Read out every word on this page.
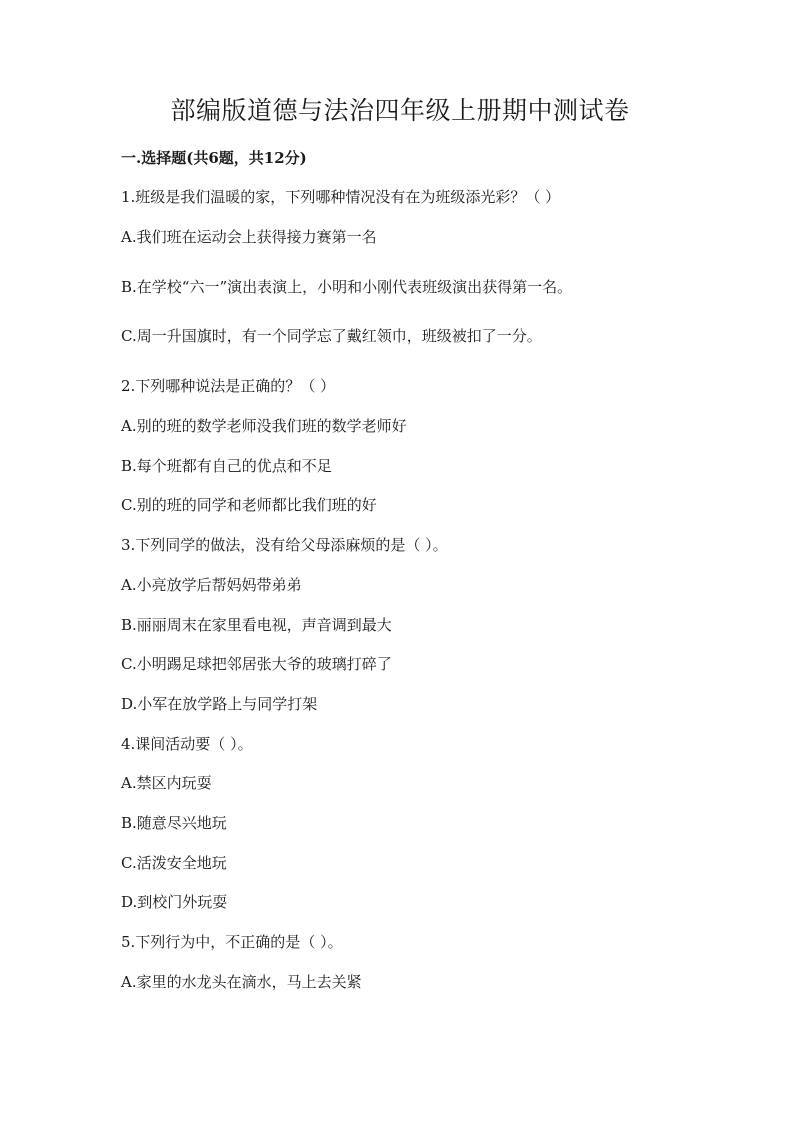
部编版道德与法治四年级上册期中测试卷
一.选择题(共6题，共12分)
1.班级是我们温暖的家，下列哪种情况没有在为班级添光彩？（ ）
A.我们班在运动会上获得接力赛第一名
B.在学校“六一”演出表演上，小明和小刚代表班级演出获得第一名。
C.周一升国旗时，有一个同学忘了戴红领巾，班级被扣了一分。
2.下列哪种说法是正确的？（ ）
A.别的班的数学老师没我们班的数学老师好
B.每个班都有自己的优点和不足
C.别的班的同学和老师都比我们班的好
3.下列同学的做法，没有给父母添麻烦的是（ ）。
A.小亮放学后帮妈妈带弟弟
B.丽丽周末在家里看电视，声音调到最大
C.小明踢足球把邻居张大爷的玻璃打碎了
D.小军在放学路上与同学打架
4.课间活动要（ ）。
A.禁区内玩耍
B.随意尽兴地玩
C.活泼安全地玩
D.到校门外玩耍
5.下列行为中，不正确的是（ ）。
A.家里的水龙头在滴水，马上去关紧
